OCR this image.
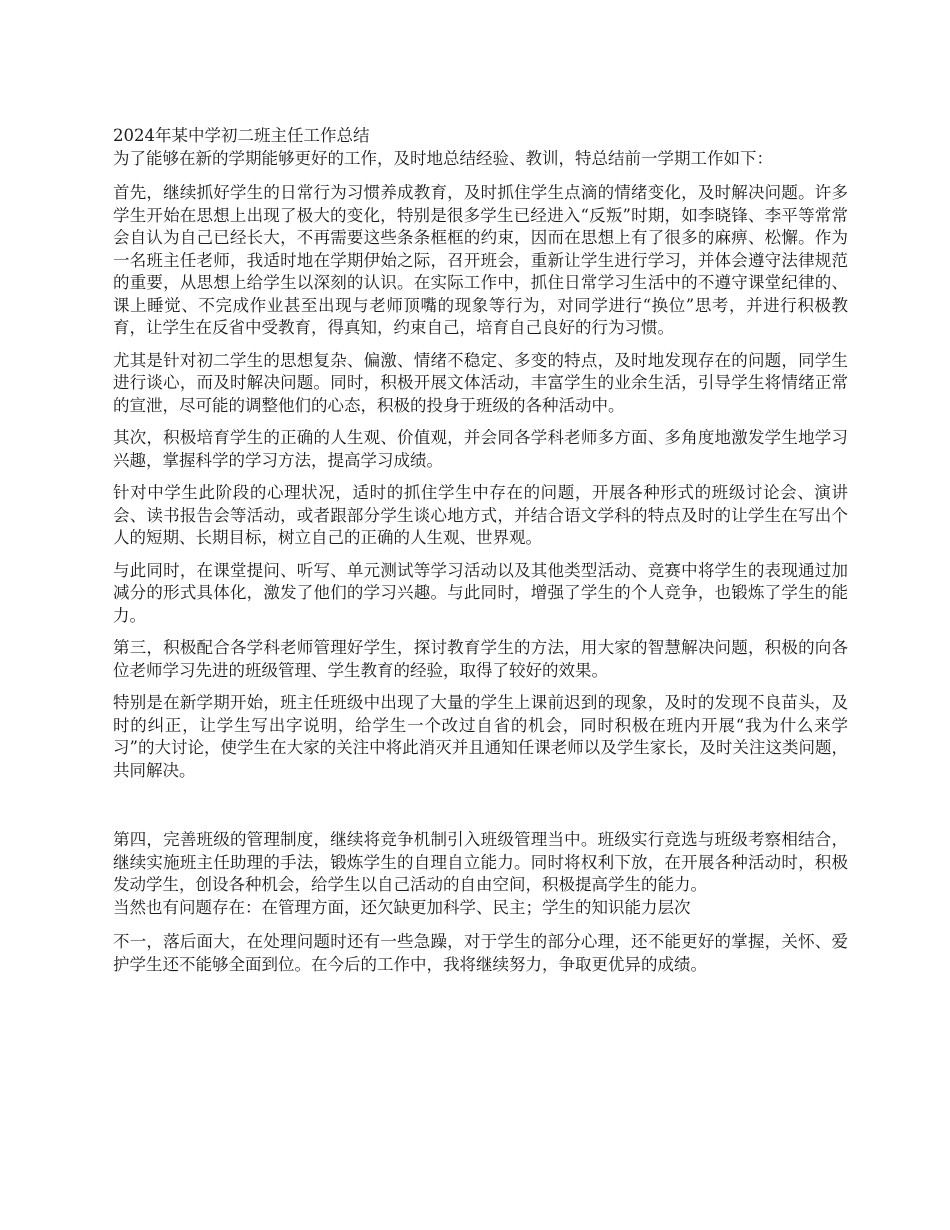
2024年某中学初二班主任工作总结
为了能够在新的学期能够更好的工作，及时地总结经验、教训，特总结前一学期工作如下：
首先，继续抓好学生的日常行为习惯养成教育，及时抓住学生点滴的情绪变化，及时解决问题。许多学生开始在思想上出现了极大的变化，特别是很多学生已经进入“反叛”时期，如李晓锋、李平等常常会自认为自己已经长大，不再需要这些条条框框的约束，因而在思想上有了很多的麻痹、松懈。作为一名班主任老师，我适时地在学期伊始之际，召开班会，重新让学生进行学习，并体会遵守法律规范的重要，从思想上给学生以深刻的认识。在实际工作中，抓住日常学习生活中的不遵守课堂纪律的、课上睡觉、不完成作业甚至出现与老师顶嘴的现象等行为，对同学进行“换位”思考，并进行积极教育，让学生在反省中受教育，得真知，约束自己，培育自己良好的行为习惯。
尤其是针对初二学生的思想复杂、偏激、情绪不稳定、多变的特点，及时地发现存在的问题，同学生进行谈心，而及时解决问题。同时，积极开展文体活动，丰富学生的业余生活，引导学生将情绪正常的宣泄，尽可能的调整他们的心态，积极的投身于班级的各种活动中。
其次，积极培育学生的正确的人生观、价值观，并会同各学科老师多方面、多角度地激发学生地学习兴趣，掌握科学的学习方法，提高学习成绩。
针对中学生此阶段的心理状况，适时的抓住学生中存在的问题，开展各种形式的班级讨论会、演讲会、读书报告会等活动，或者跟部分学生谈心地方式，并结合语文学科的特点及时的让学生在写出个人的短期、长期目标，树立自己的正确的人生观、世界观。
与此同时，在课堂提问、听写、单元测试等学习活动以及其他类型活动、竞赛中将学生的表现通过加减分的形式具体化，激发了他们的学习兴趣。与此同时，增强了学生的个人竞争，也锻炼了学生的能力。
第三，积极配合各学科老师管理好学生，探讨教育学生的方法，用大家的智慧解决问题，积极的向各位老师学习先进的班级管理、学生教育的经验，取得了较好的效果。
特别是在新学期开始，班主任班级中出现了大量的学生上课前迟到的现象，及时的发现不良苗头，及时的纠正，让学生写出字说明，给学生一个改过自省的机会，同时积极在班内开展“我为什么来学习”的大讨论，使学生在大家的关注中将此消灭并且通知任课老师以及学生家长，及时关注这类问题，共同解决。
第四，完善班级的管理制度，继续将竞争机制引入班级管理当中。班级实行竞选与班级考察相结合，继续实施班主任助理的手法，锻炼学生的自理自立能力。同时将权利下放，在开展各种活动时，积极发动学生，创设各种机会，给学生以自己活动的自由空间，积极提高学生的能力。
当然也有问题存在：在管理方面，还欠缺更加科学、民主；学生的知识能力层次
不一，落后面大，在处理问题时还有一些急躁，对于学生的部分心理，还不能更好的掌握，关怀、爱护学生还不能够全面到位。在今后的工作中，我将继续努力，争取更优异的成绩。
